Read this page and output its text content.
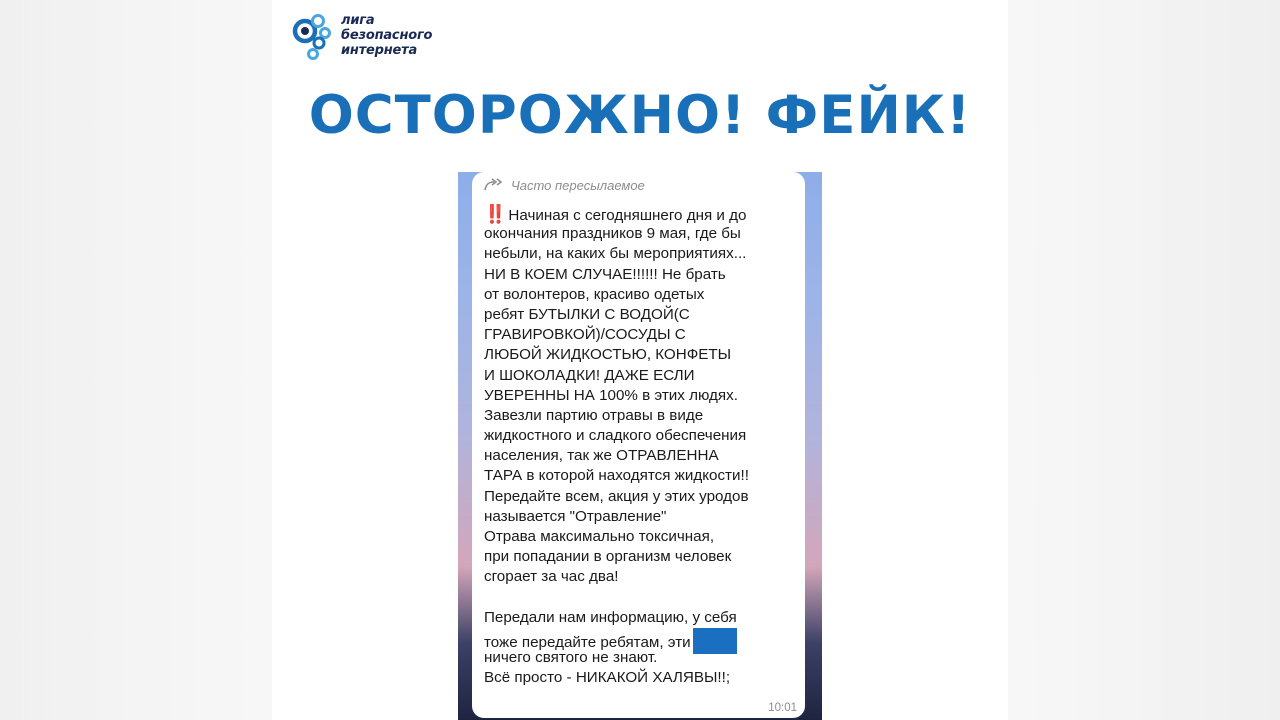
лига
безопасного
интернета
ОСТОРОЖНО! ФЕЙК!
Часто пересылаемое
‼️ Начиная с сегодняшнего дня и до
окончания праздников 9 мая, где бы
небыли, на каких бы мероприятиях...
НИ В КОЕМ СЛУЧАЕ!!!!!! Не брать
от волонтеров, красиво одетых
ребят БУТЫЛКИ С ВОДОЙ(С
ГРАВИРОВКОЙ)/СОСУДЫ С
ЛЮБОЙ ЖИДКОСТЬЮ, КОНФЕТЫ
И ШОКОЛАДКИ! ДАЖЕ ЕСЛИ
УВЕРЕННЫ НА 100% в этих людях.
Завезли партию отравы в виде
жидкостного и сладкого обеспечения
населения, так же ОТРАВЛЕННА
ТАРА в которой находятся жидкости!!
Передайте всем, акция у этих уродов
называется "Отравление"
Отрава максимально токсичная,
при попадании в организм человек
сгорает за час два!
Передали нам информацию, у себя
тоже передайте ребятам, эти
ничего святого не знают.
Всё просто - НИКАКОЙ ХАЛЯВЫ!!;
10:01
